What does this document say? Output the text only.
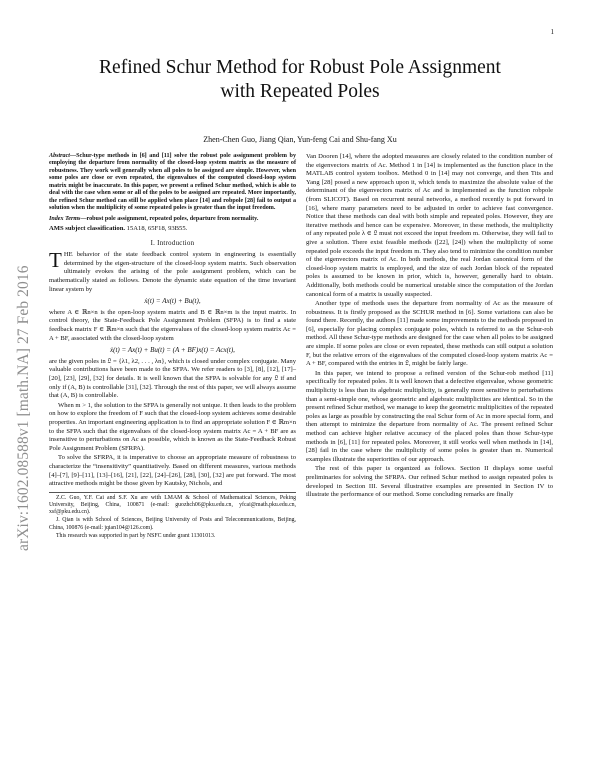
1
arXiv:1602.08588v1 [math.NA] 27 Feb 2016
Refined Schur Method for Robust Pole Assignment with Repeated Poles
Zhen-Chen Guo, Jiang Qian, Yun-feng Cai and Shu-fang Xu

Abstract—Schur-type methods in [6] and [11] solve the robust pole assignment problem by employing the departure from normality of the closed-loop system matrix as the measure of robustness. They work well generally when all poles to be assigned are simple. However, when some poles are close or even repeated, the eigenvalues of the computed closed-loop system matrix might be inaccurate. In this paper, we present a refined Schur method, which is able to deal with the case when some or all of the poles to be assigned are repeated. More importantly, the refined Schur method can still be applied when place [14] and robpole [28] fail to output a solution when the multiplicity of some repeated poles is greater than the input freedom.

Index Terms—robust pole assignment, repeated poles, departure from normality.

AMS subject classification. 15A18, 65F18, 93B55.

I. Introduction

THE behavior of the state feedback control system in engineering is essentially determined by the eigen-structure of the closed-loop system matrix. Such observation ultimately evokes the arising of the pole assignment problem, which can be mathematically stated as follows. Denote the dynamic state equation of the time invariant linear system by

ẋ(t) = Ax(t) + Bu(t),

where A ∈ ℝn×n is the open-loop system matrix and B ∈ ℝn×m is the input matrix. In control theory, the State-Feedback Pole Assignment Problem (SFPA) is to find a state feedback matrix F ∈ ℝm×n such that the eigenvalues of the closed-loop system matrix Ac = A + BF, associated with the closed-loop system

ẋ(t) = Ax(t) + Bu(t) = (A + BF)x(t) = Acx(t),

are the given poles in 𝔏 = {λ1, λ2, . . . , λn}, which is closed under complex conjugate. Many valuable contributions have been made to the SFPA. We refer readers to [3], [8], [12], [17]–[20], [23], [29], [32] for details. It is well known that the SFPA is solvable for any 𝔏 if and only if (A, B) is controllable [31], [32]. Through the rest of this paper, we will always assume that (A, B) is controllable.

When m > 1, the solution to the SFPA is generally not unique. It then leads to the problem on how to explore the freedom of F such that the closed-loop system achieves some desirable properties. An important engineering application is to find an appropriate solution F ∈ ℝm×n to the SFPA such that the eigenvalues of the closed-loop system matrix Ac = A + BF are as insensitive to perturbations on Ac as possible, which is known as the State-Feedback Robust Pole Assignment Problem (SFRPA).

To solve the SFRPA, it is imperative to choose an appropriate measure of robustness to characterize the “insensitivity” quantitatively. Based on different measures, various methods [4]–[7], [9]–[11], [13]–[16], [21], [22], [24]–[26], [28], [30], [32] are put forward. The most attractive methods might be those given by Kautsky, Nichols, and

Z.C. Guo, Y.F. Cai and S.F. Xu are with LMAM & School of Mathematical Sciences, Peking University, Beijing, China, 100871 (e-mail: guozhch06@pku.edu.cn, yfcai@math.pku.edu.cn, xsf@pku.edu.cn).

J. Qian is with School of Sciences, Beijing University of Posts and Telecommunications, Beijing, China, 100876 (e-mail: jqian104@126.com).

This research was supported in part by NSFC under grant 11301013.

Van Dooren [14], where the adopted measures are closely related to the condition number of the eigenvectors matrix of Ac. Method 1 in [14] is implemented as the function place in the MATLAB control system toolbox. Method 0 in [14] may not converge, and then Tits and Yang [28] posed a new approach upon it, which tends to maximize the absolute value of the determinant of the eigenvectors matrix of Ac and is implemented as the function robpole (from SLICOT). Based on recurrent neural networks, a method recently is put forward in [16], where many parameters need to be adjusted in order to achieve fast convergence. Notice that these methods can deal with both simple and repeated poles. However, they are iterative methods and hence can be expensive. Moreover, in these methods, the multiplicity of any repeated pole λ ∈ 𝔏 must not exceed the input freedom m. Otherwise, they will fail to give a solution. There exist feasible methods ([22], [24]) when the multiplicity of some repeated pole exceeds the input freedom m. They also tend to minimize the condition number of the eigenvectors matrix of Ac. In both methods, the real Jordan canonical form of the closed-loop system matrix is employed, and the size of each Jordan block of the repeated poles is assumed to be known in prior, which is, however, generally hard to obtain. Additionally, both methods could be numerical unstable since the computation of the Jordan canonical form of a matrix is usually suspected.

Another type of methods uses the departure from normality of Ac as the measure of robustness. It is firstly proposed as the SCHUR method in [6]. Some variations can also be found there. Recently, the authors [11] made some improvements to the methods proposed in [6], especially for placing complex conjugate poles, which is referred to as the Schur-rob method. All these Schur-type methods are designed for the case when all poles to be assigned are simple. If some poles are close or even repeated, these methods can still output a solution F, but the relative errors of the eigenvalues of the computed closed-loop system matrix Ac = A + BF, compared with the entries in 𝔏, might be fairly large.

In this paper, we intend to propose a refined version of the Schur-rob method [11] specifically for repeated poles. It is well known that a defective eigenvalue, whose geometric multiplicity is less than its algebraic multiplicity, is generally more sensitive to perturbations than a semi-simple one, whose geometric and algebraic multiplicities are identical. So in the present refined Schur method, we manage to keep the geometric multiplicities of the repeated poles as large as possible by constructing the real Schur form of Ac in more special form, and then attempt to minimize the departure from normality of Ac. The present refined Schur method can achieve higher relative accuracy of the placed poles than those Schur-type methods in [6], [11] for repeated poles. Moreover, it still works well when methods in [14], [28] fail in the case where the multiplicity of some poles is greater than m. Numerical examples illustrate the superiorities of our approach.

The rest of this paper is organized as follows. Section II displays some useful preliminaries for solving the SFRPA. Our refined Schur method to assign repeated poles is developed in Section III. Several illustrative examples are presented in Section IV to illustrate the performance of our method. Some concluding remarks are finally
